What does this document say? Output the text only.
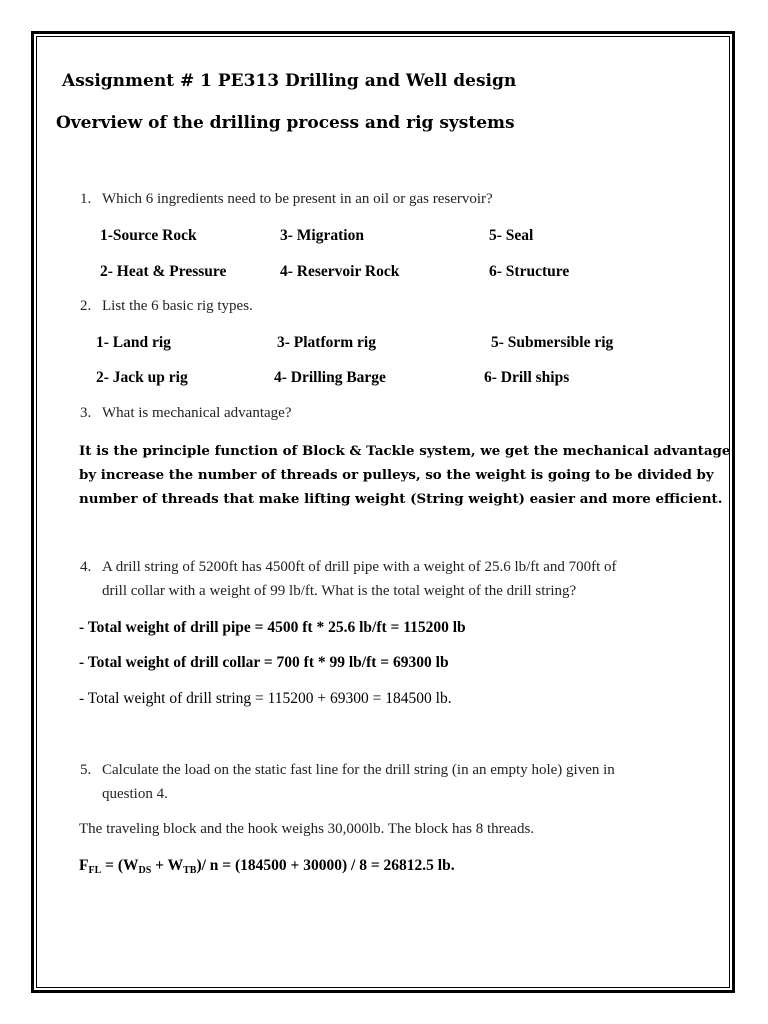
Assignment # 1 PE313 Drilling and Well design
Overview of the drilling process and rig systems
1. Which 6 ingredients need to be present in an oil or gas reservoir?
1-Source Rock	3- Migration	5- Seal
2- Heat & Pressure	4- Reservoir Rock	6- Structure
2. List the 6 basic rig types.
1- Land rig	3- Platform rig	5- Submersible rig
2- Jack up rig	4- Drilling Barge	6- Drill ships
3. What is mechanical advantage?
It is the principle function of Block & Tackle system, we get the mechanical advantage by increase the number of threads or pulleys, so the weight is going to be divided by number of threads that make lifting weight (String weight) easier and more efficient.
4. A drill string of 5200ft has 4500ft of drill pipe with a weight of 25.6 lb/ft and 700ft of
drill collar with a weight of 99 lb/ft. What is the total weight of the drill string?
- Total weight of drill pipe = 4500 ft * 25.6 lb/ft = 115200 lb
- Total weight of drill collar = 700 ft * 99 lb/ft = 69300 lb
- Total weight of drill string = 115200 + 69300 = 184500 lb.
5. Calculate the load on the static fast line for the drill string (in an empty hole) given in
question 4.
The traveling block and the hook weighs 30,000lb. The block has 8 threads.
$F_{FL} = (W_{DS} + W_{TB})/$ n = (184500 + 30000) / 8 = 26812.5 lb.
